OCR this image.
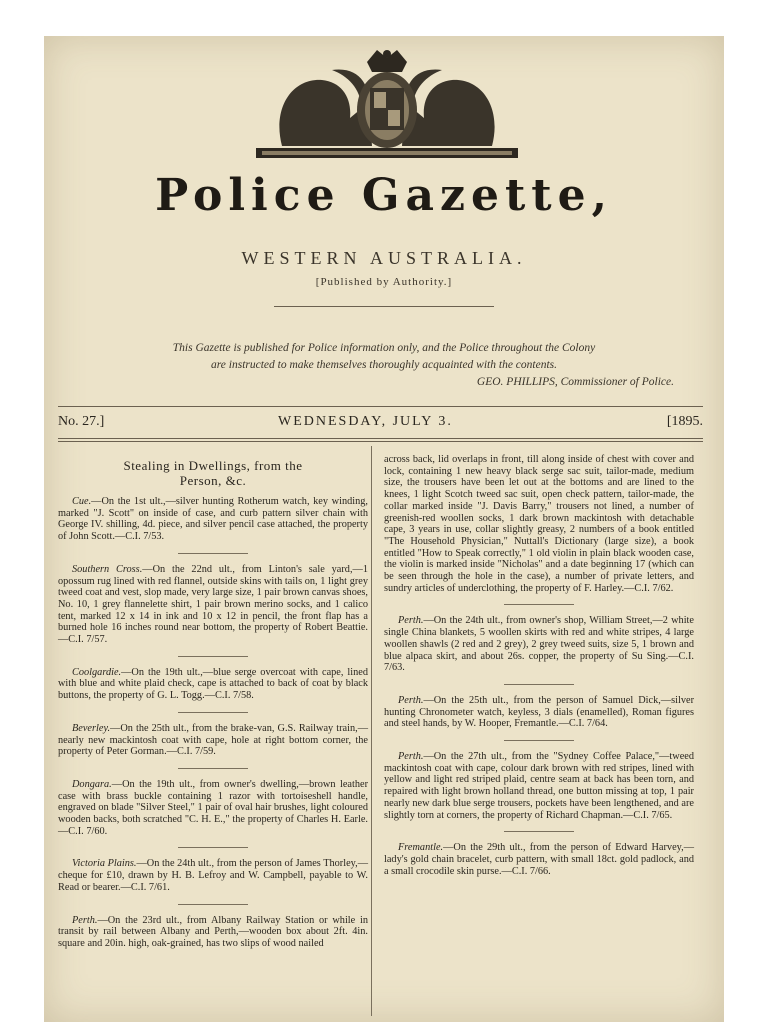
Police Gazette,
WESTERN AUSTRALIA.
[Published by Authority.]
This Gazette is published for Police information only, and the Police throughout the Colony
are instructed to make themselves thoroughly acquainted with the contents.
GEO. PHILLIPS, Commissioner of Police.
No. 27.]	WEDNESDAY, JULY 3.	[1895.
Stealing in Dwellings, from the
Person, &c.

Cue.—On the 1st ult.,—silver hunting Rotherum watch, key winding, marked "J. Scott" on inside of case, and curb pattern silver chain with George IV. shilling, 4d. piece, and silver pencil case attached, the property of John Scott.—C.I. 7/53.

Southern Cross.—On the 22nd ult., from Linton's sale yard,—1 opossum rug lined with red flannel, outside skins with tails on, 1 light grey tweed coat and vest, slop made, very large size, 1 pair brown canvas shoes, No. 10, 1 grey flannelette shirt, 1 pair brown merino socks, and 1 calico tent, marked 12 x 14 in ink and 10 x 12 in pencil, the front flap has a burned hole 16 inches round near bottom, the property of Robert Beattie.—C.I. 7/57.

Coolgardie.—On the 19th ult.,—blue serge overcoat with cape, lined with blue and white plaid check, cape is attached to back of coat by black buttons, the property of G. L. Togg.—C.I. 7/58.

Beverley.—On the 25th ult., from the brake-van, G.S. Railway train,—nearly new mackintosh coat with cape, hole at right bottom corner, the property of Peter Gorman.—C.I. 7/59.

Dongara.—On the 19th ult., from owner's dwelling,—brown leather case with brass buckle containing 1 razor with tortoiseshell handle, engraved on blade "Silver Steel," 1 pair of oval hair brushes, light coloured wooden backs, both scratched "C. H. E.," the property of Charles H. Earle.—C.I. 7/60.

Victoria Plains.—On the 24th ult., from the person of James Thorley,—cheque for £10, drawn by H. B. Lefroy and W. Campbell, payable to W. Read or bearer.—C.I. 7/61.

Perth.—On the 23rd ult., from Albany Railway Station or while in transit by rail between Albany and Perth,—wooden box about 2ft. 4in. square and 20in. high, oak-grained, has two slips of wood nailed

across back, lid overlaps in front, till along inside of chest with cover and lock, containing 1 new heavy black serge sac suit, tailor-made, medium size, the trousers have been let out at the bottoms and are lined to the knees, 1 light Scotch tweed sac suit, open check pattern, tailor-made, the collar marked inside "J. Davis Barry," trousers not lined, a number of greenish-red woollen socks, 1 dark brown mackintosh with detachable cape, 3 years in use, collar slightly greasy, 2 numbers of a book entitled "The Household Physician," Nuttall's Dictionary (large size), a book entitled "How to Speak correctly," 1 old violin in plain black wooden case, the violin is marked inside "Nicholas" and a date beginning 17 (which can be seen through the hole in the case), a number of private letters, and sundry articles of underclothing, the property of F. Harley.—C.I. 7/62.

Perth.—On the 24th ult., from owner's shop, William Street,—2 white single China blankets, 5 woollen skirts with red and white stripes, 4 large woollen shawls (2 red and 2 grey), 2 grey tweed suits, size 5, 1 brown and blue alpaca skirt, and about 26s. copper, the property of Su Sing.—C.I. 7/63.

Perth.—On the 25th ult., from the person of Samuel Dick,—silver hunting Chronometer watch, keyless, 3 dials (enamelled), Roman figures and steel hands, by W. Hooper, Fremantle.—C.I. 7/64.

Perth.—On the 27th ult., from the "Sydney Coffee Palace,"—tweed mackintosh coat with cape, colour dark brown with red stripes, lined with yellow and light red striped plaid, centre seam at back has been torn, and repaired with light brown holland thread, one button missing at top, 1 pair nearly new dark blue serge trousers, pockets have been lengthened, and are slightly torn at corners, the property of Richard Chapman.—C.I. 7/65.

Fremantle.—On the 29th ult., from the person of Edward Harvey,—lady's gold chain bracelet, curb pattern, with small 18ct. gold padlock, and a small crocodile skin purse.—C.I. 7/66.
